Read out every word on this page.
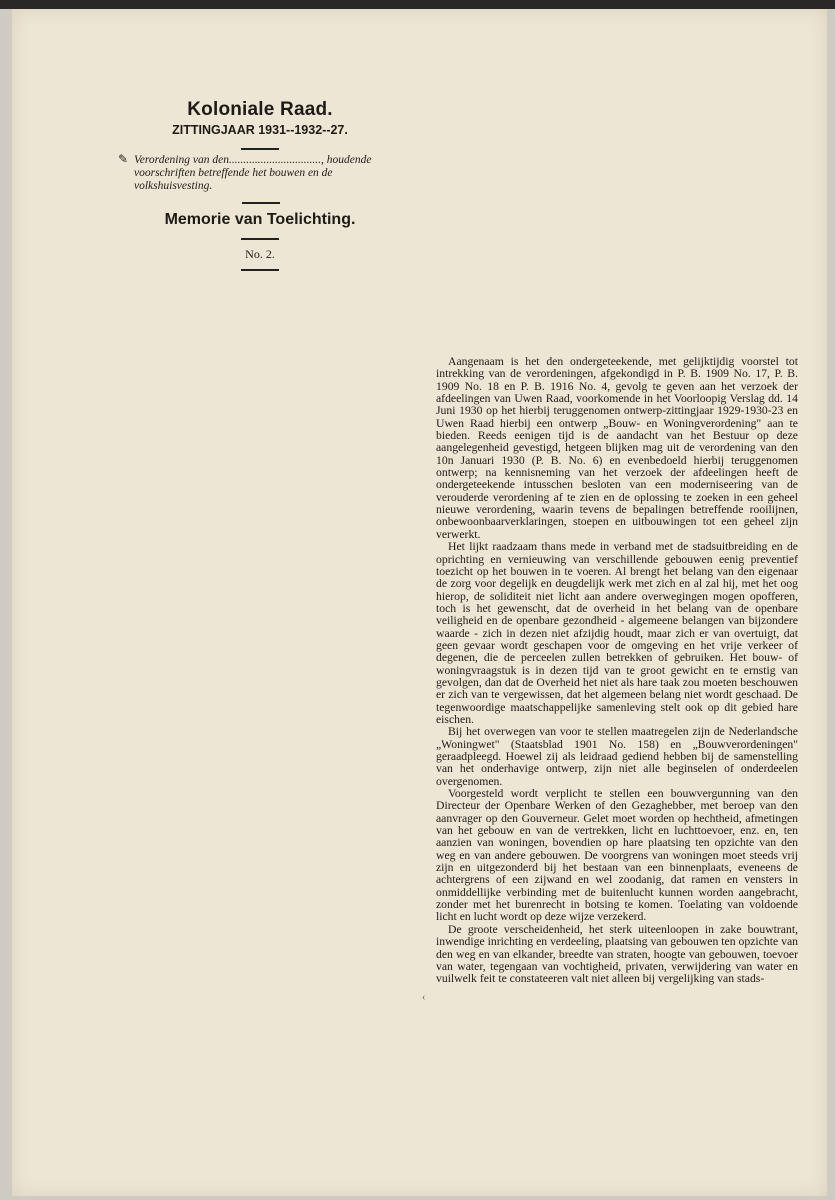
Koloniale Raad.
ZITTINGJAAR 1931--1932--27.
✎ Verordening van den................................, houdende voorschriften betreffende het bouwen en de volkshuisvesting.
Memorie van Toelichting.
No. 2.
‹

Aangenaam is het den ondergeteekende, met gelijktijdig voorstel tot intrekking van de verordeningen, afgekondigd in P. B. 1909 No. 17, P. B. 1909 No. 18 en P. B. 1916 No. 4, gevolg te geven aan het verzoek der afdeelingen van Uwen Raad, voorkomende in het Voorloopig Verslag dd. 14 Juni 1930 op het hierbij teruggenomen ontwerp-zittingjaar 1929-1930-23 en Uwen Raad hierbij een ontwerp „Bouw- en Woningverordening" aan te bieden. Reeds eenigen tijd is de aandacht van het Bestuur op deze aangelegenheid gevestigd, hetgeen blijken mag uit de verordening van den 10n Januari 1930 (P. B. No. 6) en evenbedoeld hierbij teruggenomen ontwerp; na kennisneming van het verzoek der afdeelingen heeft de ondergeteekende intusschen besloten van een moderniseering van de verouderde verordening af te zien en de oplossing te zoeken in een geheel nieuwe verordening, waarin tevens de bepalingen betreffende rooilijnen, onbewoonbaarverklaringen, stoepen en uitbouwingen tot een geheel zijn verwerkt.

Het lijkt raadzaam thans mede in verband met de stadsuitbreiding en de oprichting en vernieuwing van verschillende gebouwen eenig preventief toezicht op het bouwen in te voeren. Al brengt het belang van den eigenaar de zorg voor degelijk en deugdelijk werk met zich en al zal hij, met het oog hierop, de soliditeit niet licht aan andere overwegingen mogen opofferen, toch is het gewenscht, dat de overheid in het belang van de openbare veiligheid en de openbare gezondheid - algemeene belangen van bijzondere waarde - zich in dezen niet afzijdig houdt, maar zich er van overtuigt, dat geen gevaar wordt geschapen voor de omgeving en het vrije verkeer of degenen, die de perceelen zullen betrekken of gebruiken. Het bouw- of woningvraagstuk is in dezen tijd van te groot gewicht en te ernstig van gevolgen, dan dat de Overheid het niet als hare taak zou moeten beschouwen er zich van te vergewissen, dat het algemeen belang niet wordt geschaad. De tegenwoordige maatschappelijke samenleving stelt ook op dit gebied hare eischen.

Bij het overwegen van voor te stellen maatregelen zijn de Nederlandsche „Woningwet" (Staatsblad 1901 No. 158) en „Bouwverordeningen" geraadpleegd. Hoewel zij als leidraad gediend hebben bij de samenstelling van het onderhavige ontwerp, zijn niet alle beginselen of onderdeelen overgenomen.

Voorgesteld wordt verplicht te stellen een bouwvergunning van den Directeur der Openbare Werken of den Gezaghebber, met beroep van den aanvrager op den Gouverneur. Gelet moet worden op hechtheid, afmetingen van het gebouw en van de vertrekken, licht en luchttoevoer, enz. en, ten aanzien van woningen, bovendien op hare plaatsing ten opzichte van den weg en van andere gebouwen. De voorgrens van woningen moet steeds vrij zijn en uitgezonderd bij het bestaan van een binnenplaats, eveneens de achtergrens of een zijwand en wel zoodanig, dat ramen en vensters in onmiddellijke verbinding met de buitenlucht kunnen worden aangebracht, zonder met het burenrecht in botsing te komen. Toelating van voldoende licht en lucht wordt op deze wijze verzekerd.

De groote verscheidenheid, het sterk uiteenloopen in zake bouwtrant, inwendige inrichting en verdeeling, plaatsing van gebouwen ten opzichte van den weg en van elkander, breedte van straten, hoogte van gebouwen, toevoer van water, tegengaan van vochtigheid, privaten, verwijdering van water en vuilwelk feit te constateeren valt niet alleen bij vergelijking van stads-
